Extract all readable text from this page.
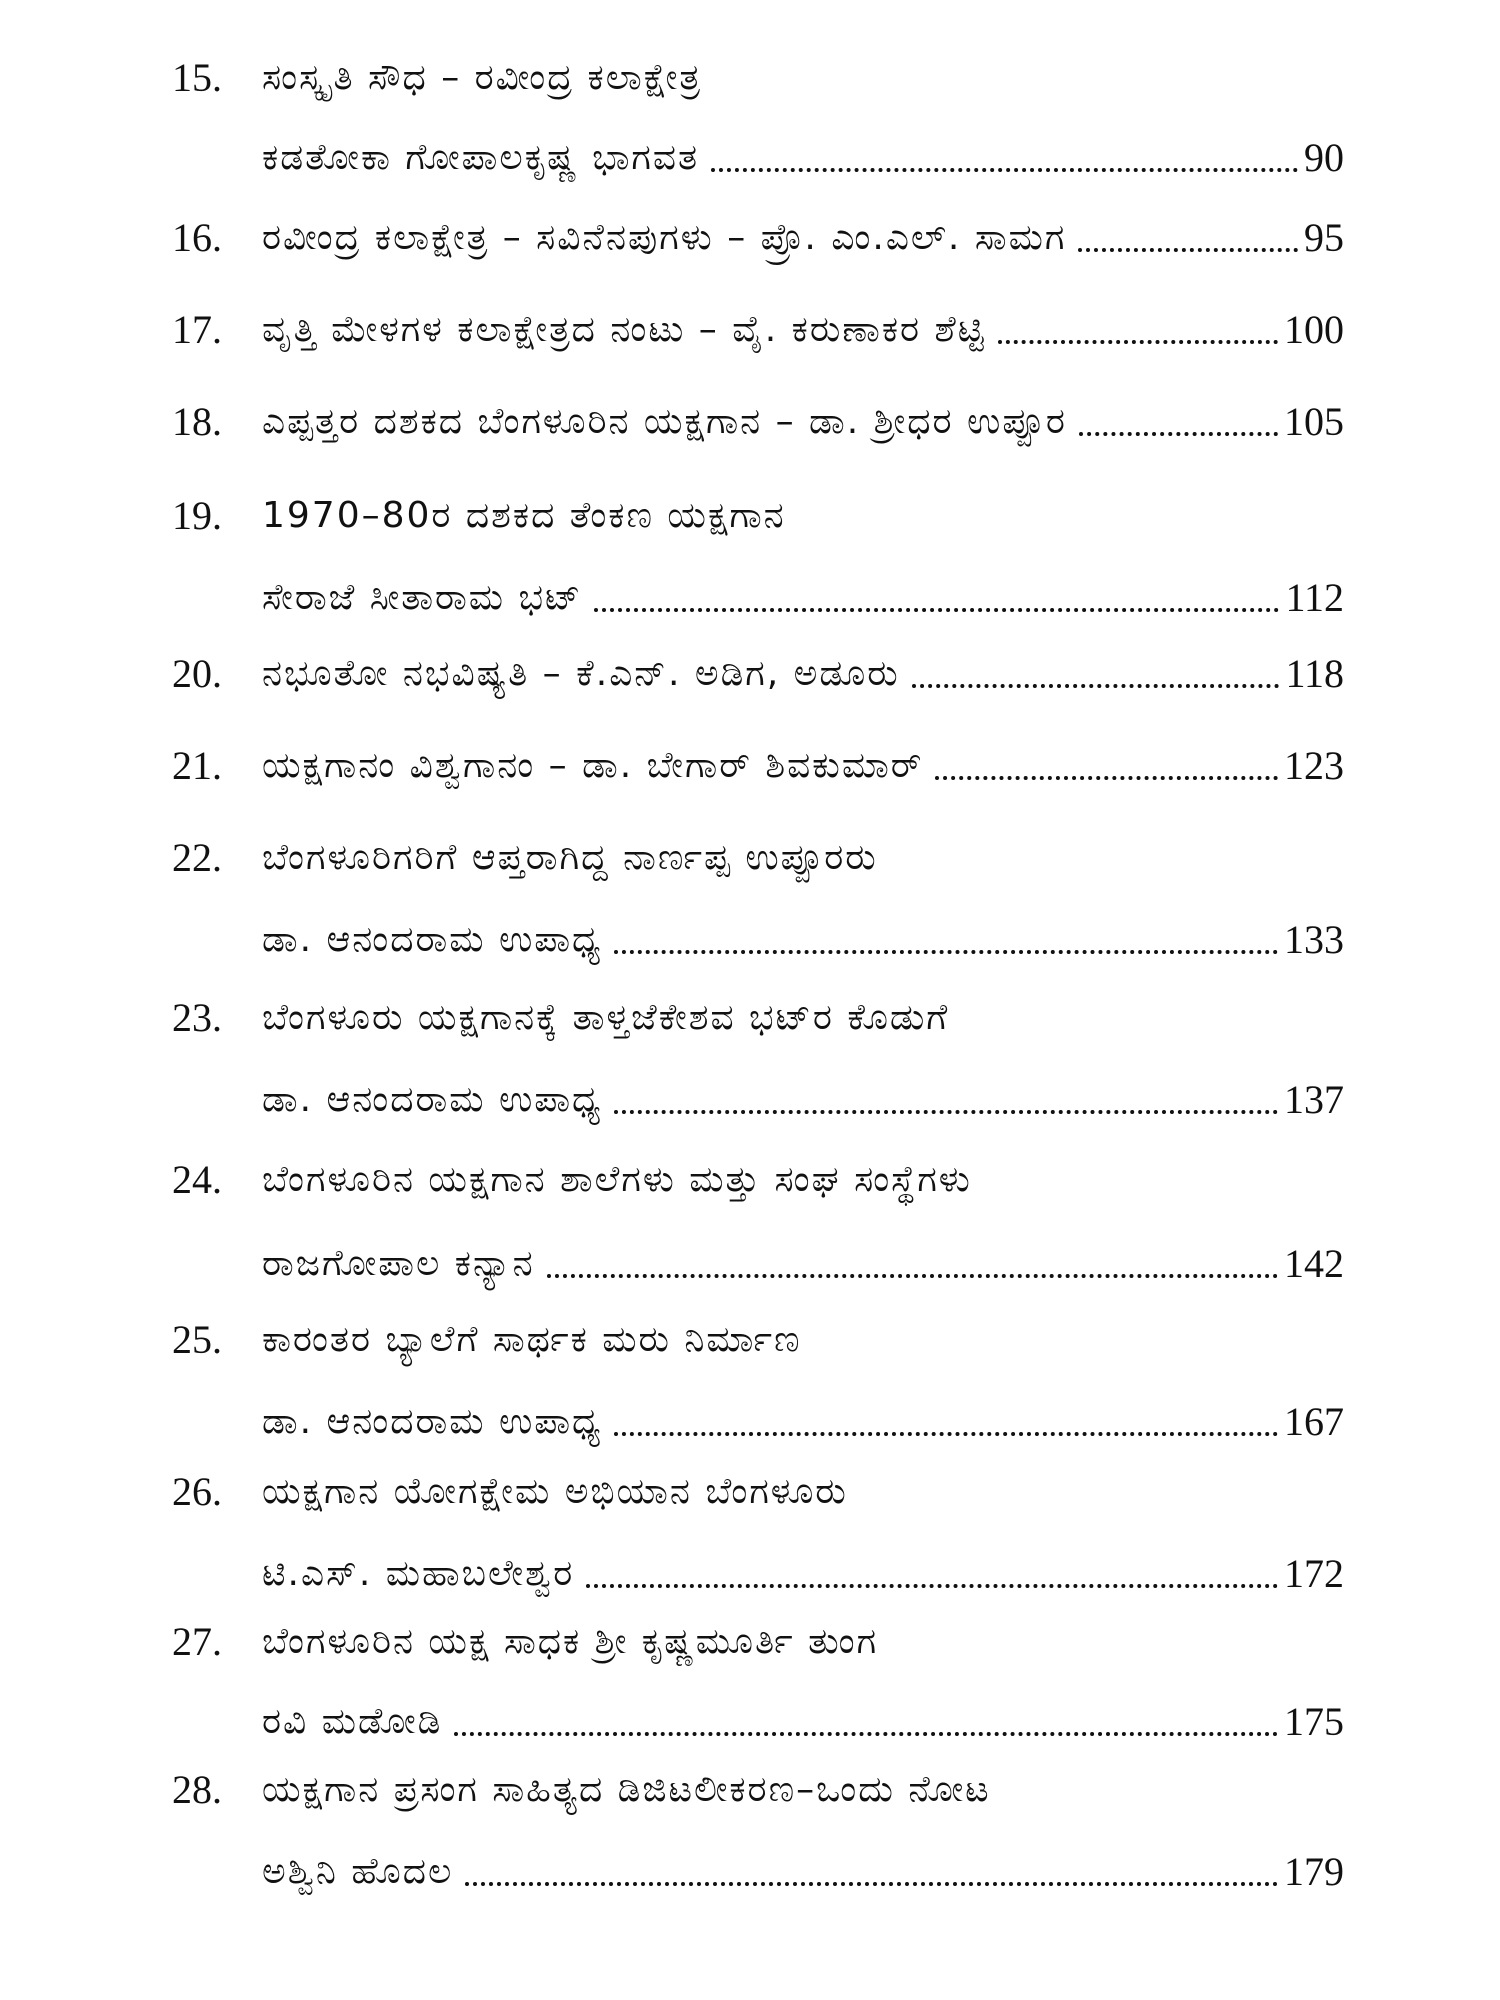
15. ಸಂಸ್ಕೃತಿ ಸೌಧ – ರವೀಂದ್ರ ಕಲಾಕ್ಷೇತ್ರ
ಕಡತೋಕಾ ಗೋಪಾಲಕೃಷ್ಣ ಭಾಗವತ	90
16. ರವೀಂದ್ರ ಕಲಾಕ್ಷೇತ್ರ – ಸವಿನೆನಪುಗಳು – ಪ್ರೊ. ಎಂ.ಎಲ್. ಸಾಮಗ	95
17. ವೃತ್ತಿ ಮೇಳಗಳ ಕಲಾಕ್ಷೇತ್ರದ ನಂಟು – ವೈ. ಕರುಣಾಕರ ಶೆಟ್ಟಿ	100
18. ಎಪ್ಪತ್ತರ ದಶಕದ ಬೆಂಗಳೂರಿನ ಯಕ್ಷಗಾನ – ಡಾ. ಶ್ರೀಧರ ಉಪ್ಪೂರ	105
19. 1970–80ರ ದಶಕದ ತೆಂಕಣ ಯಕ್ಷಗಾನ
ಸೇರಾಜೆ ಸೀತಾರಾಮ ಭಟ್	112
20. ನಭೂತೋ ನಭವಿಷ್ಯತಿ – ಕೆ.ಎನ್. ಅಡಿಗ, ಅಡೂರು	118
21. ಯಕ್ಷಗಾನಂ ವಿಶ್ವಗಾನಂ – ಡಾ. ಬೇಗಾರ್ ಶಿವಕುಮಾರ್	123
22. ಬೆಂಗಳೂರಿಗರಿಗೆ ಆಪ್ತರಾಗಿದ್ದ ನಾರ್ಣಪ್ಪ ಉಪ್ಪೂರರು
ಡಾ. ಆನಂದರಾಮ ಉಪಾಧ್ಯ	133
23. ಬೆಂಗಳೂರು ಯಕ್ಷಗಾನಕ್ಕೆ ತಾಳ್ತಜೆಕೇಶವ ಭಟ್‌ರ ಕೊಡುಗೆ
ಡಾ. ಆನಂದರಾಮ ಉಪಾಧ್ಯ	137
24. ಬೆಂಗಳೂರಿನ ಯಕ್ಷಗಾನ ಶಾಲೆಗಳು ಮತ್ತು ಸಂಘ ಸಂಸ್ಥೆಗಳು
ರಾಜಗೋಪಾಲ ಕನ್ಯಾನ	142
25. ಕಾರಂತರ ಬ್ಯಾಲೆಗೆ ಸಾರ್ಥಕ ಮರು ನಿರ್ಮಾಣ
ಡಾ. ಆನಂದರಾಮ ಉಪಾಧ್ಯ	167
26. ಯಕ್ಷಗಾನ ಯೋಗಕ್ಷೇಮ ಅಭಿಯಾನ ಬೆಂಗಳೂರು
ಟಿ.ಎಸ್. ಮಹಾಬಲೇಶ್ವರ	172
27. ಬೆಂಗಳೂರಿನ ಯಕ್ಷ ಸಾಧಕ ಶ್ರೀ ಕೃಷ್ಣಮೂರ್ತಿ ತುಂಗ
ರವಿ ಮಡೋಡಿ	175
28. ಯಕ್ಷಗಾನ ಪ್ರಸಂಗ ಸಾಹಿತ್ಯದ ಡಿಜಿಟಲೀಕರಣ–ಒಂದು ನೋಟ
ಅಶ್ವಿನಿ ಹೊದಲ	179
